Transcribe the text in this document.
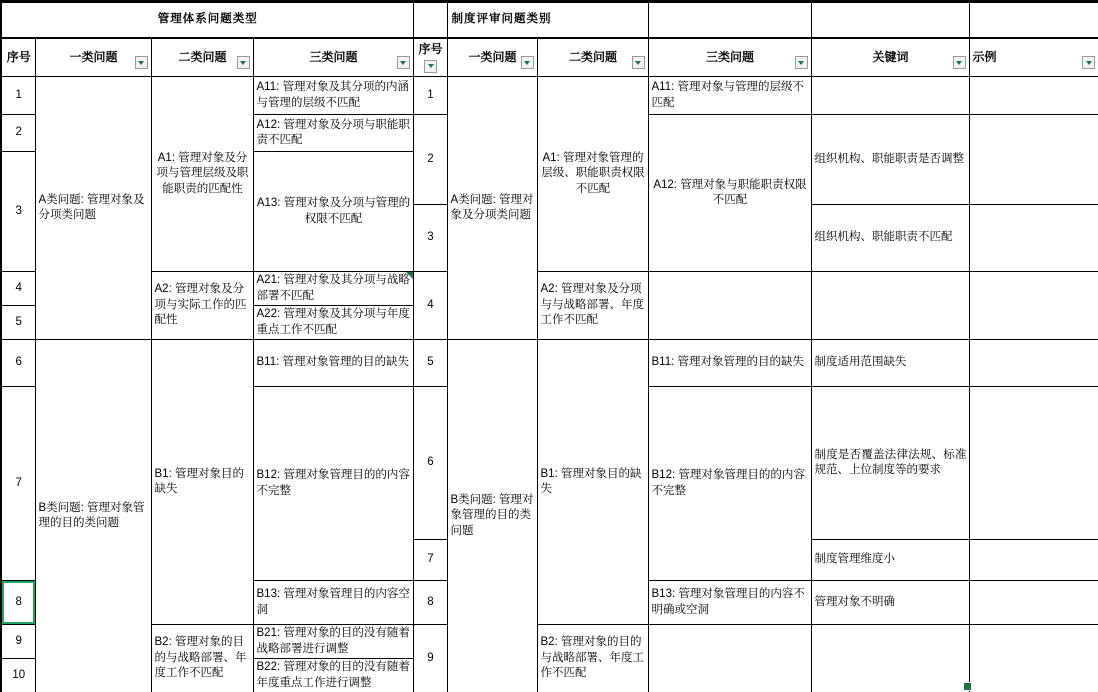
管理体系问题类型					制度评审问题类别				
序号	一类问题	二类问题	三类问题	序号	一类问题	二类问题	三类问题	关键词	示例

1	A类问题: 管理对象及分项类问题	A1: 管理对象及分项与管理层级及职能职责的匹配性	A11: 管理对象及其分项的内涵与管理的层级不匹配	1	A类问题: 管理对象及分项类问题	A1: 管理对象管理的层级、职能职责权限不匹配	A11: 管理对象与管理的层级不匹配		
2			A12: 管理对象及分项与职能职责不匹配	2			A12: 管理对象与职能职责权限不匹配	组织机构、职能职责是否调整	
3			A13: 管理对象及分项与管理的权限不匹配						
				3				组织机构、职能职责不匹配	
4		A2: 管理对象及分项与实际工作的匹配性	A21: 管理对象及其分项与战略部署不匹配	4		A2: 管理对象及分项与与战略部署、年度工作不匹配			
5			A22: 管理对象及其分项与年度重点工作不匹配						
6	B类问题: 管理对象管理的目的类问题	B1: 管理对象目的缺失	B11: 管理对象管理的目的缺失	5	B类问题: 管理对象管理的目的类问题	B1: 管理对象目的缺失	B11: 管理对象管理的目的缺失	制度适用范围缺失	
7			B12: 管理对象管理目的的内容不完整	6			B12: 管理对象管理目的的内容不完整	制度是否覆盖法律法规、标准规范、上位制度等的要求	
				7				制度管理维度小	
8			B13: 管理对象管理目的内容空洞	8			B13: 管理对象管理目的内容不明确或空洞	管理对象不明确	
9		B2: 管理对象的目的与战略部署、年度工作不匹配	B21: 管理对象的目的没有随着战略部署进行调整	9		B2: 管理对象的目的与战略部署、年度工作不匹配			
10			B22: 管理对象的目的没有随着年度重点工作进行调整						
